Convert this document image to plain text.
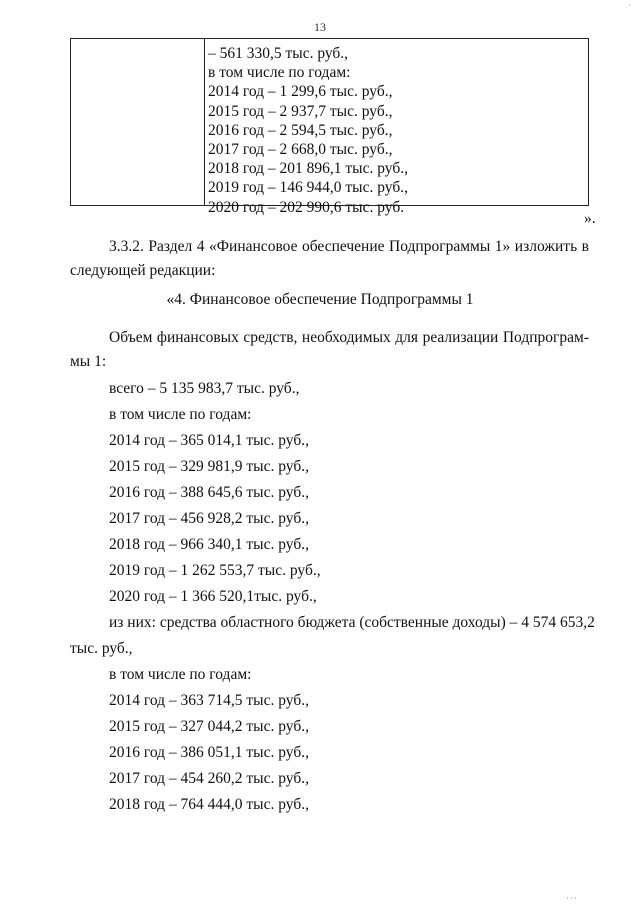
·
13
– 561 330,5 тыс. руб.,
в том числе по годам:
2014 год – 1 299,6 тыс. руб.,
2015 год – 2 937,7 тыс. руб.,
2016 год – 2 594,5 тыс. руб.,
2017 год – 2 668,0 тыс. руб.,
2018 год – 201 896,1 тыс. руб.,
2019 год – 146 944,0 тыс. руб.,
2020 год – 202 990,6 тыс. руб.
».
3.3.2. Раздел 4 «Финансовое обеспечение Подпрограммы 1» изложить в
следующей редакции:
«4. Финансовое обеспечение Подпрограммы 1
Объем финансовых средств, необходимых для реализации Подпрограм-
мы 1:
всего – 5 135 983,7 тыс. руб.,
в том числе по годам:
2014 год – 365 014,1 тыс. руб.,
2015 год – 329 981,9 тыс. руб.,
2016 год – 388 645,6 тыс. руб.,
2017 год – 456 928,2 тыс. руб.,
2018 год – 966 340,1 тыс. руб.,
2019 год – 1 262 553,7 тыс. руб.,
2020 год – 1 366 520,1тыс. руб.,
из них: средства областного бюджета (собственные доходы) – 4 574 653,2
тыс. руб.,
в том числе по годам:
2014 год – 363 714,5 тыс. руб.,
2015 год – 327 044,2 тыс. руб.,
2016 год – 386 051,1 тыс. руб.,
2017 год – 454 260,2 тыс. руб.,
2018 год – 764 444,0 тыс. руб.,
···
